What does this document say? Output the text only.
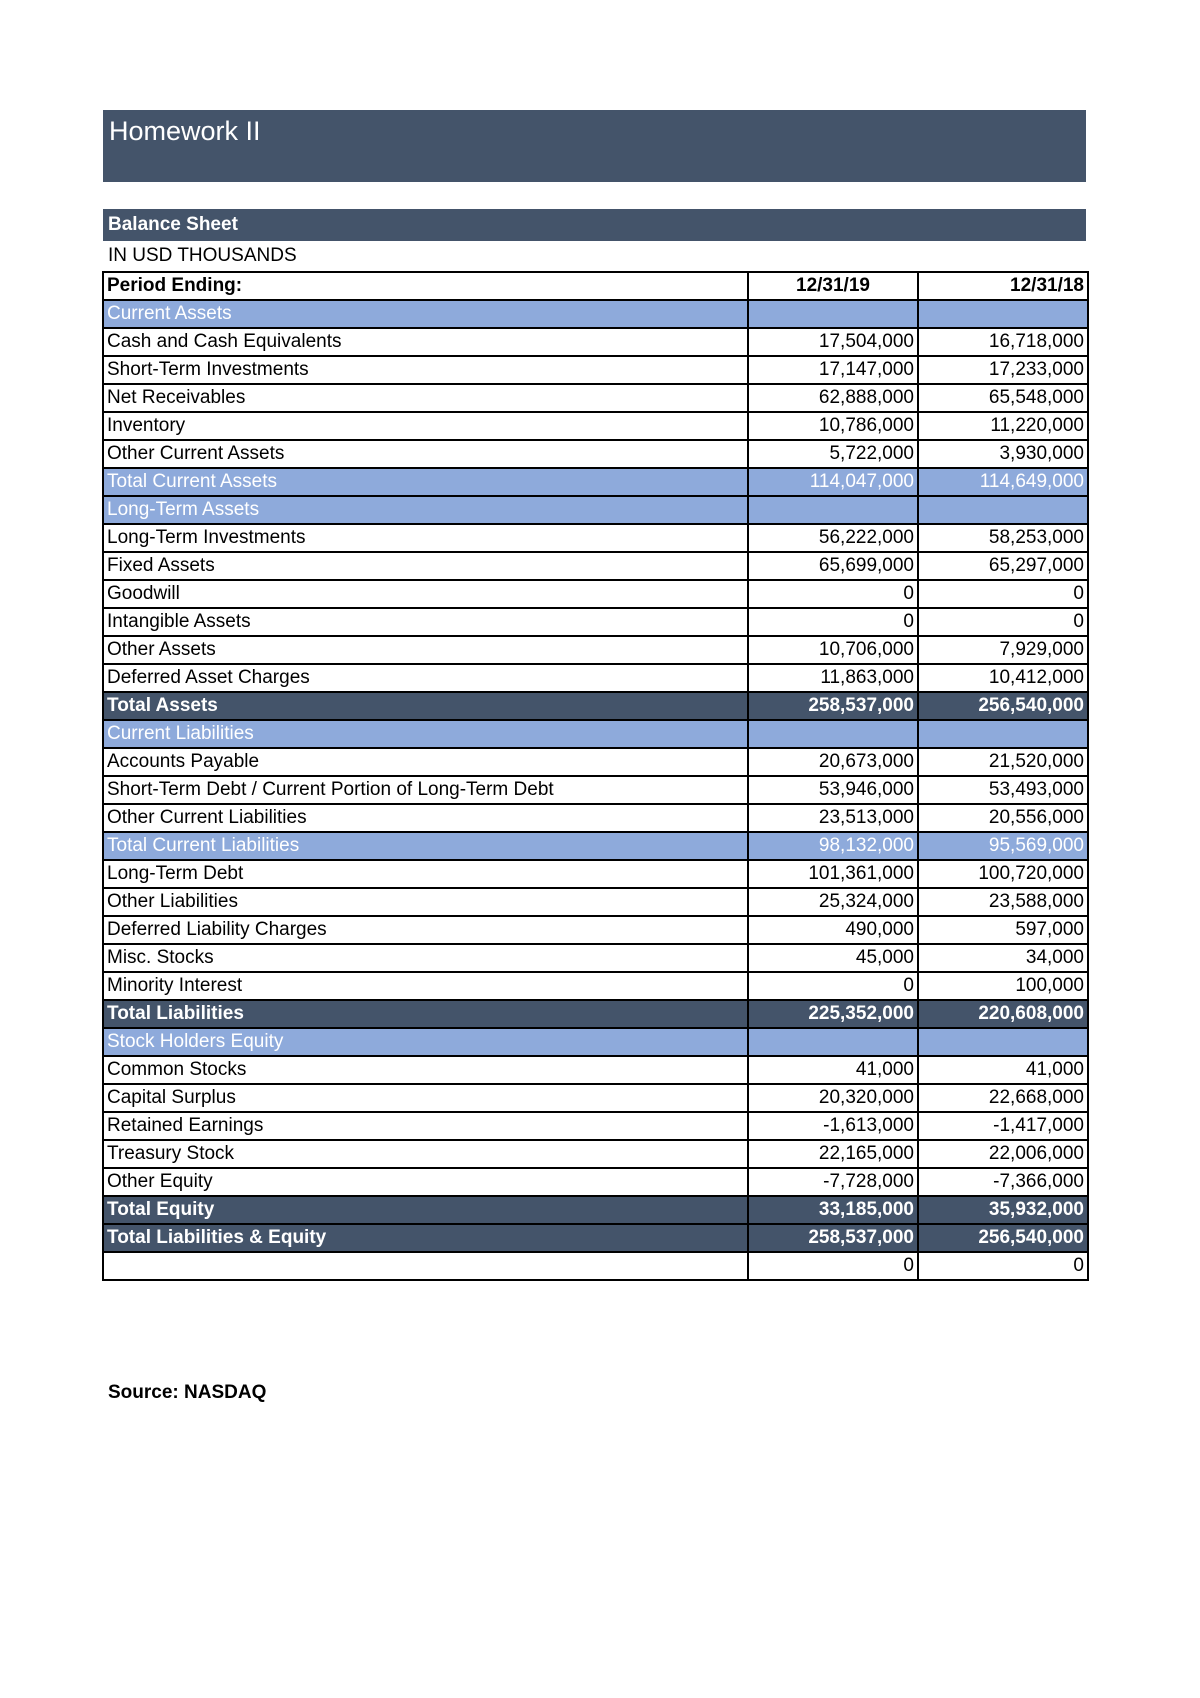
Homework II
Balance Sheet
IN USD THOUSANDS
Period Ending:	12/31/19	12/31/18
Current Assets		
Cash and Cash Equivalents	17,504,000	16,718,000
Short-Term Investments	17,147,000	17,233,000
Net Receivables	62,888,000	65,548,000
Inventory	10,786,000	11,220,000
Other Current Assets	5,722,000	3,930,000
Total Current Assets	114,047,000	114,649,000
Long-Term Assets		
Long-Term Investments	56,222,000	58,253,000
Fixed Assets	65,699,000	65,297,000
Goodwill	0	0
Intangible Assets	0	0
Other Assets	10,706,000	7,929,000
Deferred Asset Charges	11,863,000	10,412,000
Total Assets	258,537,000	256,540,000
Current Liabilities		
Accounts Payable	20,673,000	21,520,000
Short-Term Debt / Current Portion of Long-Term Debt	53,946,000	53,493,000
Other Current Liabilities	23,513,000	20,556,000
Total Current Liabilities	98,132,000	95,569,000
Long-Term Debt	101,361,000	100,720,000
Other Liabilities	25,324,000	23,588,000
Deferred Liability Charges	490,000	597,000
Misc. Stocks	45,000	34,000
Minority Interest	0	100,000
Total Liabilities	225,352,000	220,608,000
Stock Holders Equity		
Common Stocks	41,000	41,000
Capital Surplus	20,320,000	22,668,000
Retained Earnings	-1,613,000	-1,417,000
Treasury Stock	22,165,000	22,006,000
Other Equity	-7,728,000	-7,366,000
Total Equity	33,185,000	35,932,000
Total Liabilities & Equity	258,537,000	256,540,000
	0	0
Source: NASDAQ
